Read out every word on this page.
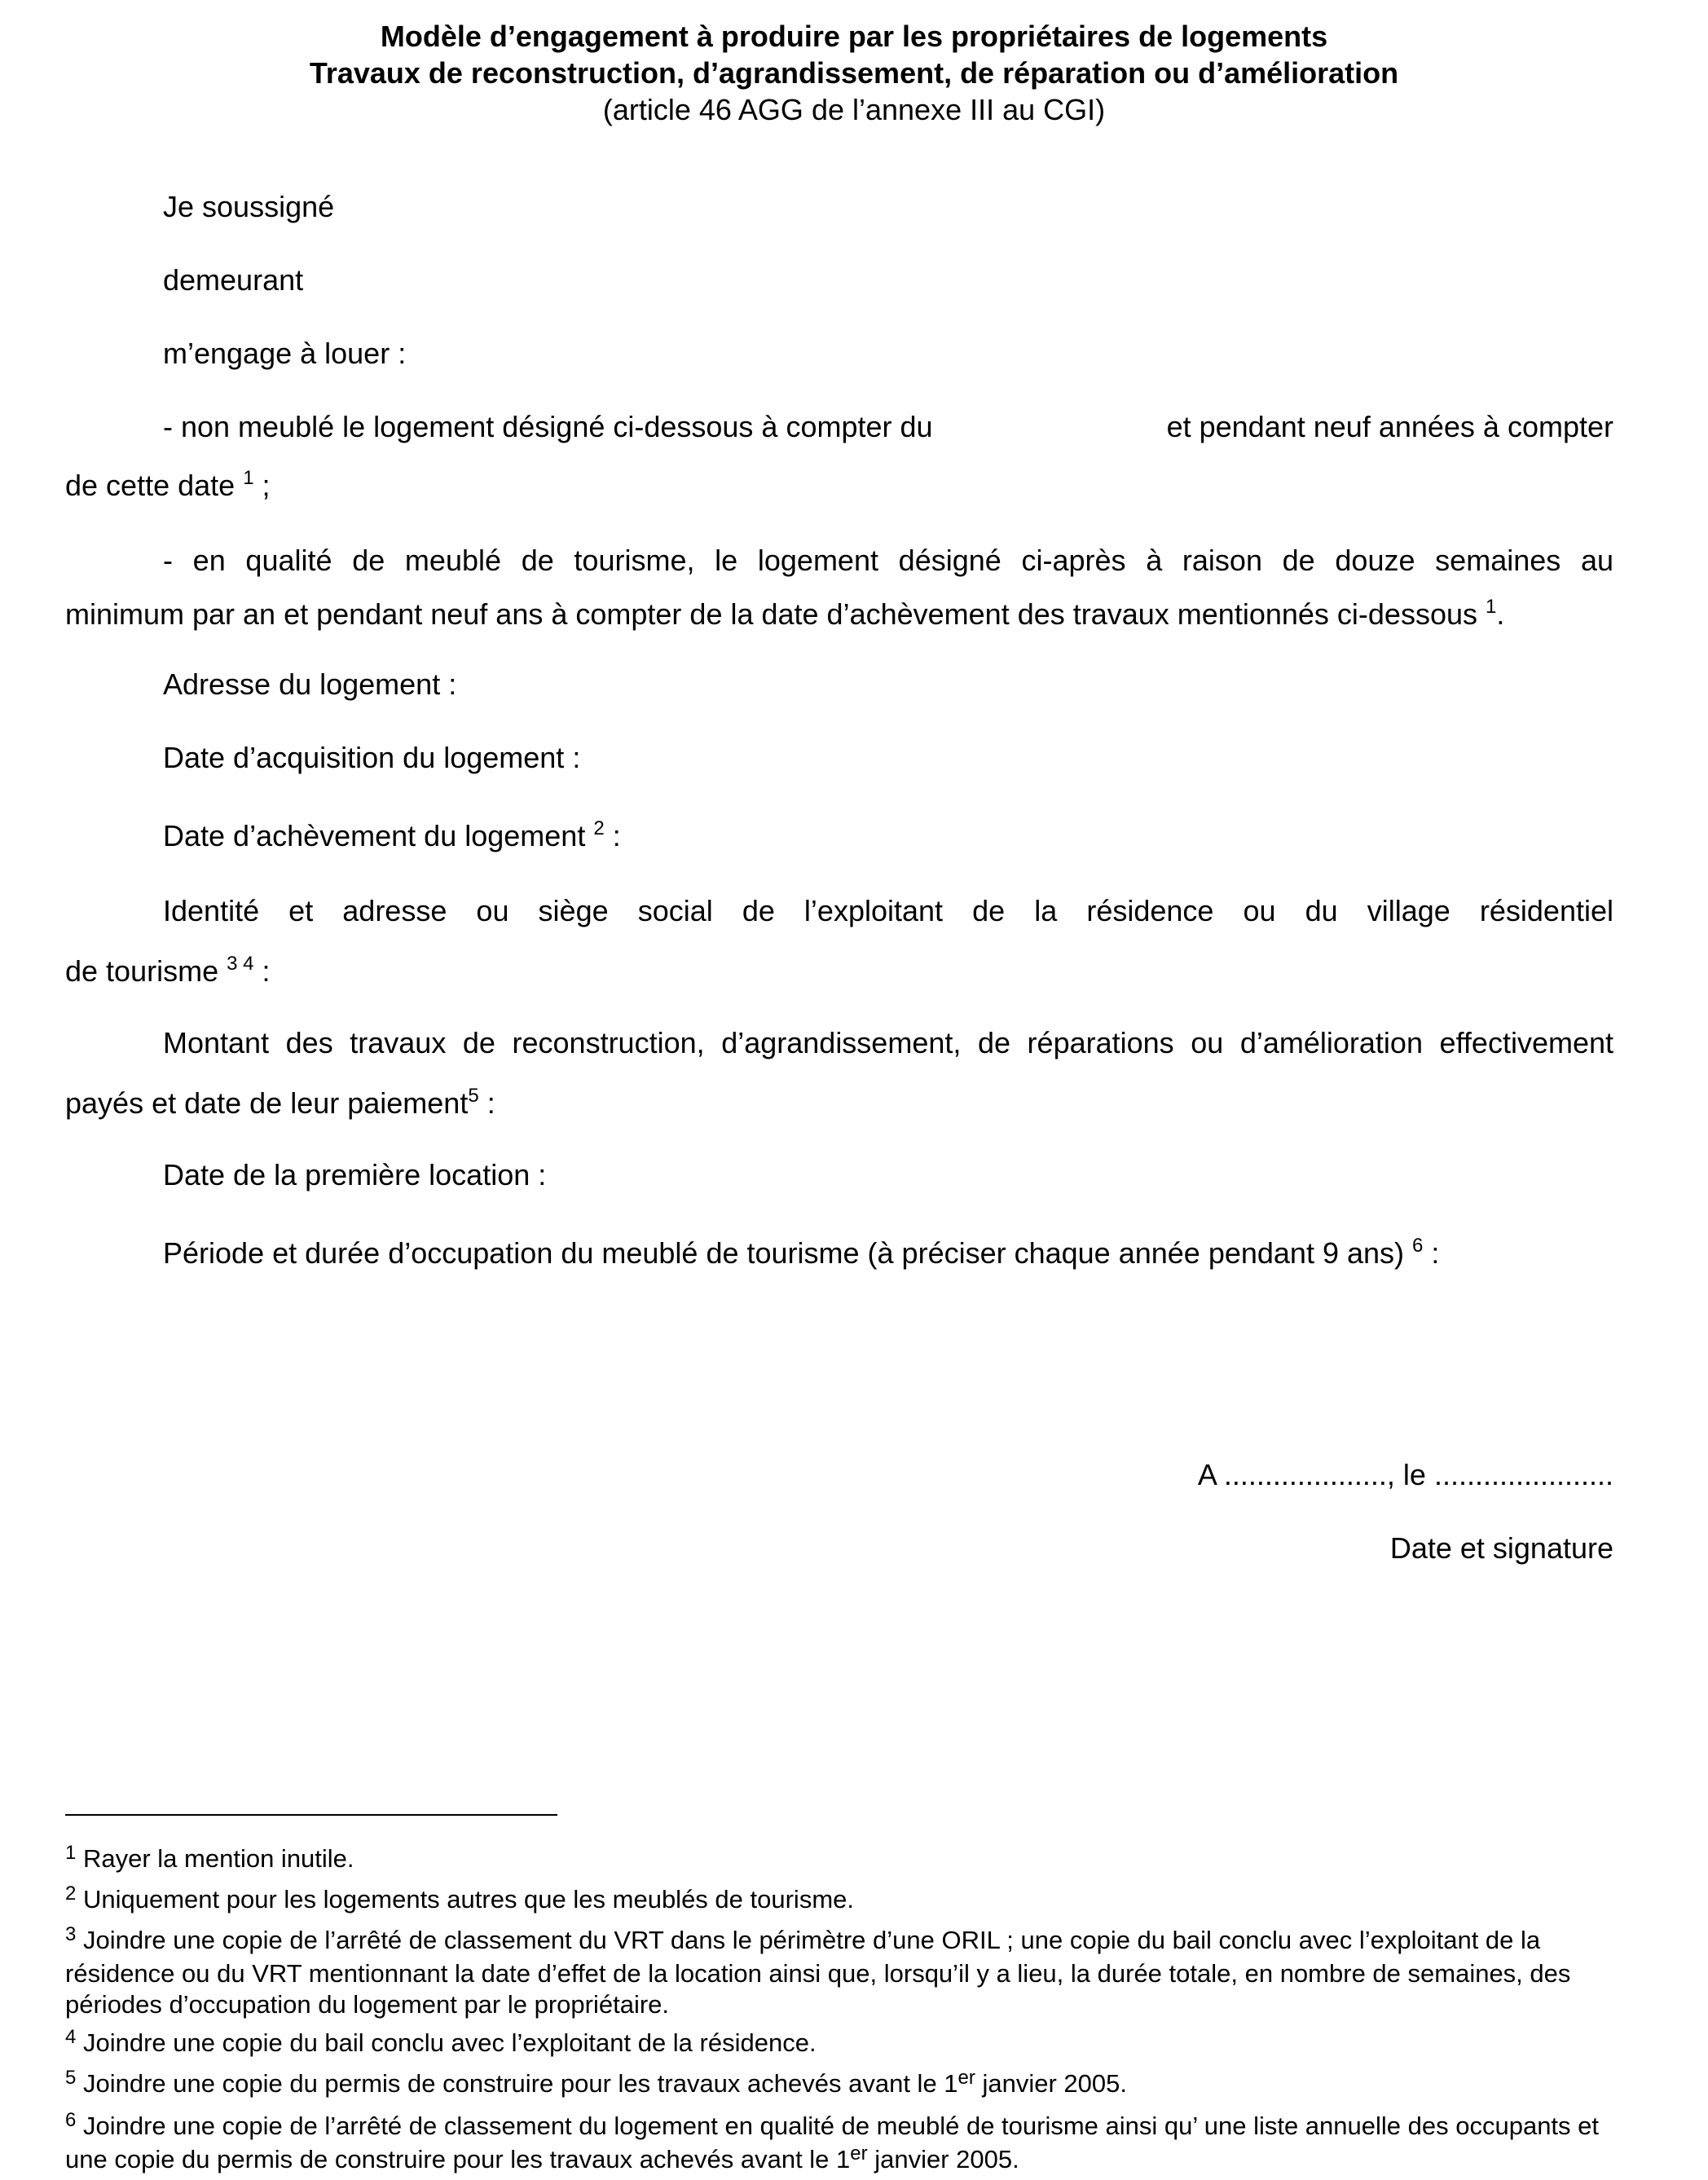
Modèle d’engagement à produire par les propriétaires de logements
Travaux de reconstruction, d’agrandissement, de réparation ou d’amélioration
(article 46 AGG de l’annexe III au CGI)
Je soussigné
demeurant
m’engage à louer :
- non meublé le logement désigné ci-dessous à compter du	et pendant neuf années à compter
de cette date $^1$ ;
- en qualité de meublé de tourisme, le logement désigné ci-après à raison de douze semaines au
minimum par an et pendant neuf ans à compter de la date d’achèvement des travaux mentionnés ci-dessous $^1$.
Adresse du logement :
Date d’acquisition du logement :
Date d’achèvement du logement $^2$ :
Identité et adresse ou siège social de l’exploitant de la résidence ou du village résidentiel
de tourisme $^{3 4}$ :
Montant des travaux de reconstruction, d’agrandissement, de réparations ou d’amélioration effectivement
payés et date de leur paiement$^5$ :
Date de la première location :
Période et durée d’occupation du meublé de tourisme (à préciser chaque année pendant 9 ans) $^6$ :
A ...................., le ......................
Date et signature
$^1$ Rayer la mention inutile.
$^2$ Uniquement pour les logements autres que les meublés de tourisme.
$^3$ Joindre une copie de l’arrêté de classement du VRT dans le périmètre d’une ORIL ; une copie du bail conclu avec l’exploitant de la résidence ou du VRT mentionnant la date d’effet de la location ainsi que, lorsqu’il y a lieu, la durée totale, en nombre de semaines, des périodes d’occupation du logement par le propriétaire.
$^4$ Joindre une copie du bail conclu avec l’exploitant de la résidence.
$^5$ Joindre une copie du permis de construire pour les travaux achevés avant le 1er janvier 2005.
$^6$ Joindre une copie de l’arrêté de classement du logement en qualité de meublé de tourisme ainsi qu’ une liste annuelle des occupants et une copie du permis de construire pour les travaux achevés avant le 1er janvier 2005.
